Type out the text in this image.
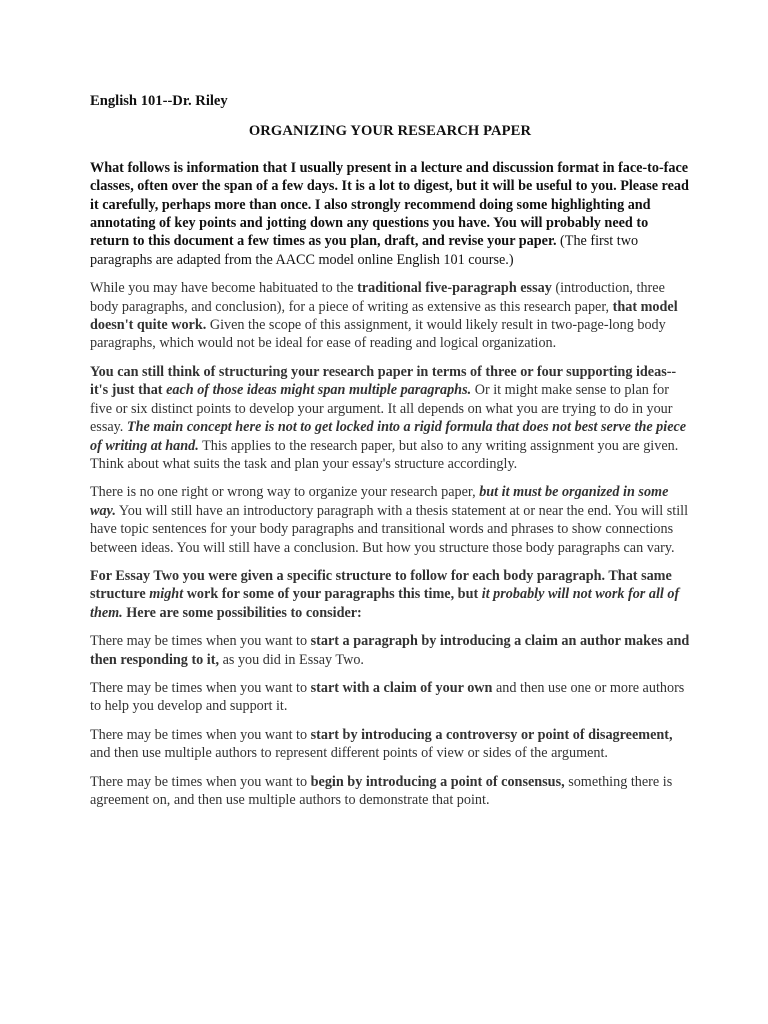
English 101--Dr. Riley
ORGANIZING YOUR RESEARCH PAPER

What follows is information that I usually present in a lecture and discussion format in face-to-face classes, often over the span of a few days. It is a lot to digest, but it will be useful to you. Please read it carefully, perhaps more than once. I also strongly recommend doing some highlighting and annotating of key points and jotting down any questions you have. You will probably need to return to this document a few times as you plan, draft, and revise your paper. (The first two paragraphs are adapted from the AACC model online English 101 course.)

While you may have become habituated to the traditional five-paragraph essay (introduction, three body paragraphs, and conclusion), for a piece of writing as extensive as this research paper, that model doesn't quite work. Given the scope of this assignment, it would likely result in two-page-long body paragraphs, which would not be ideal for ease of reading and logical organization.

You can still think of structuring your research paper in terms of three or four supporting ideas--it's just that each of those ideas might span multiple paragraphs. Or it might make sense to plan for five or six distinct points to develop your argument. It all depends on what you are trying to do in your essay. The main concept here is not to get locked into a rigid formula that does not best serve the piece of writing at hand. This applies to the research paper, but also to any writing assignment you are given. Think about what suits the task and plan your essay's structure accordingly.

There is no one right or wrong way to organize your research paper, but it must be organized in some way. You will still have an introductory paragraph with a thesis statement at or near the end. You will still have topic sentences for your body paragraphs and transitional words and phrases to show connections between ideas. You will still have a conclusion. But how you structure those body paragraphs can vary.

For Essay Two you were given a specific structure to follow for each body paragraph. That same structure might work for some of your paragraphs this time, but it probably will not work for all of them. Here are some possibilities to consider:

There may be times when you want to start a paragraph by introducing a claim an author makes and then responding to it, as you did in Essay Two.

There may be times when you want to start with a claim of your own and then use one or more authors to help you develop and support it.

There may be times when you want to start by introducing a controversy or point of disagreement, and then use multiple authors to represent different points of view or sides of the argument.

There may be times when you want to begin by introducing a point of consensus, something there is agreement on, and then use multiple authors to demonstrate that point.
